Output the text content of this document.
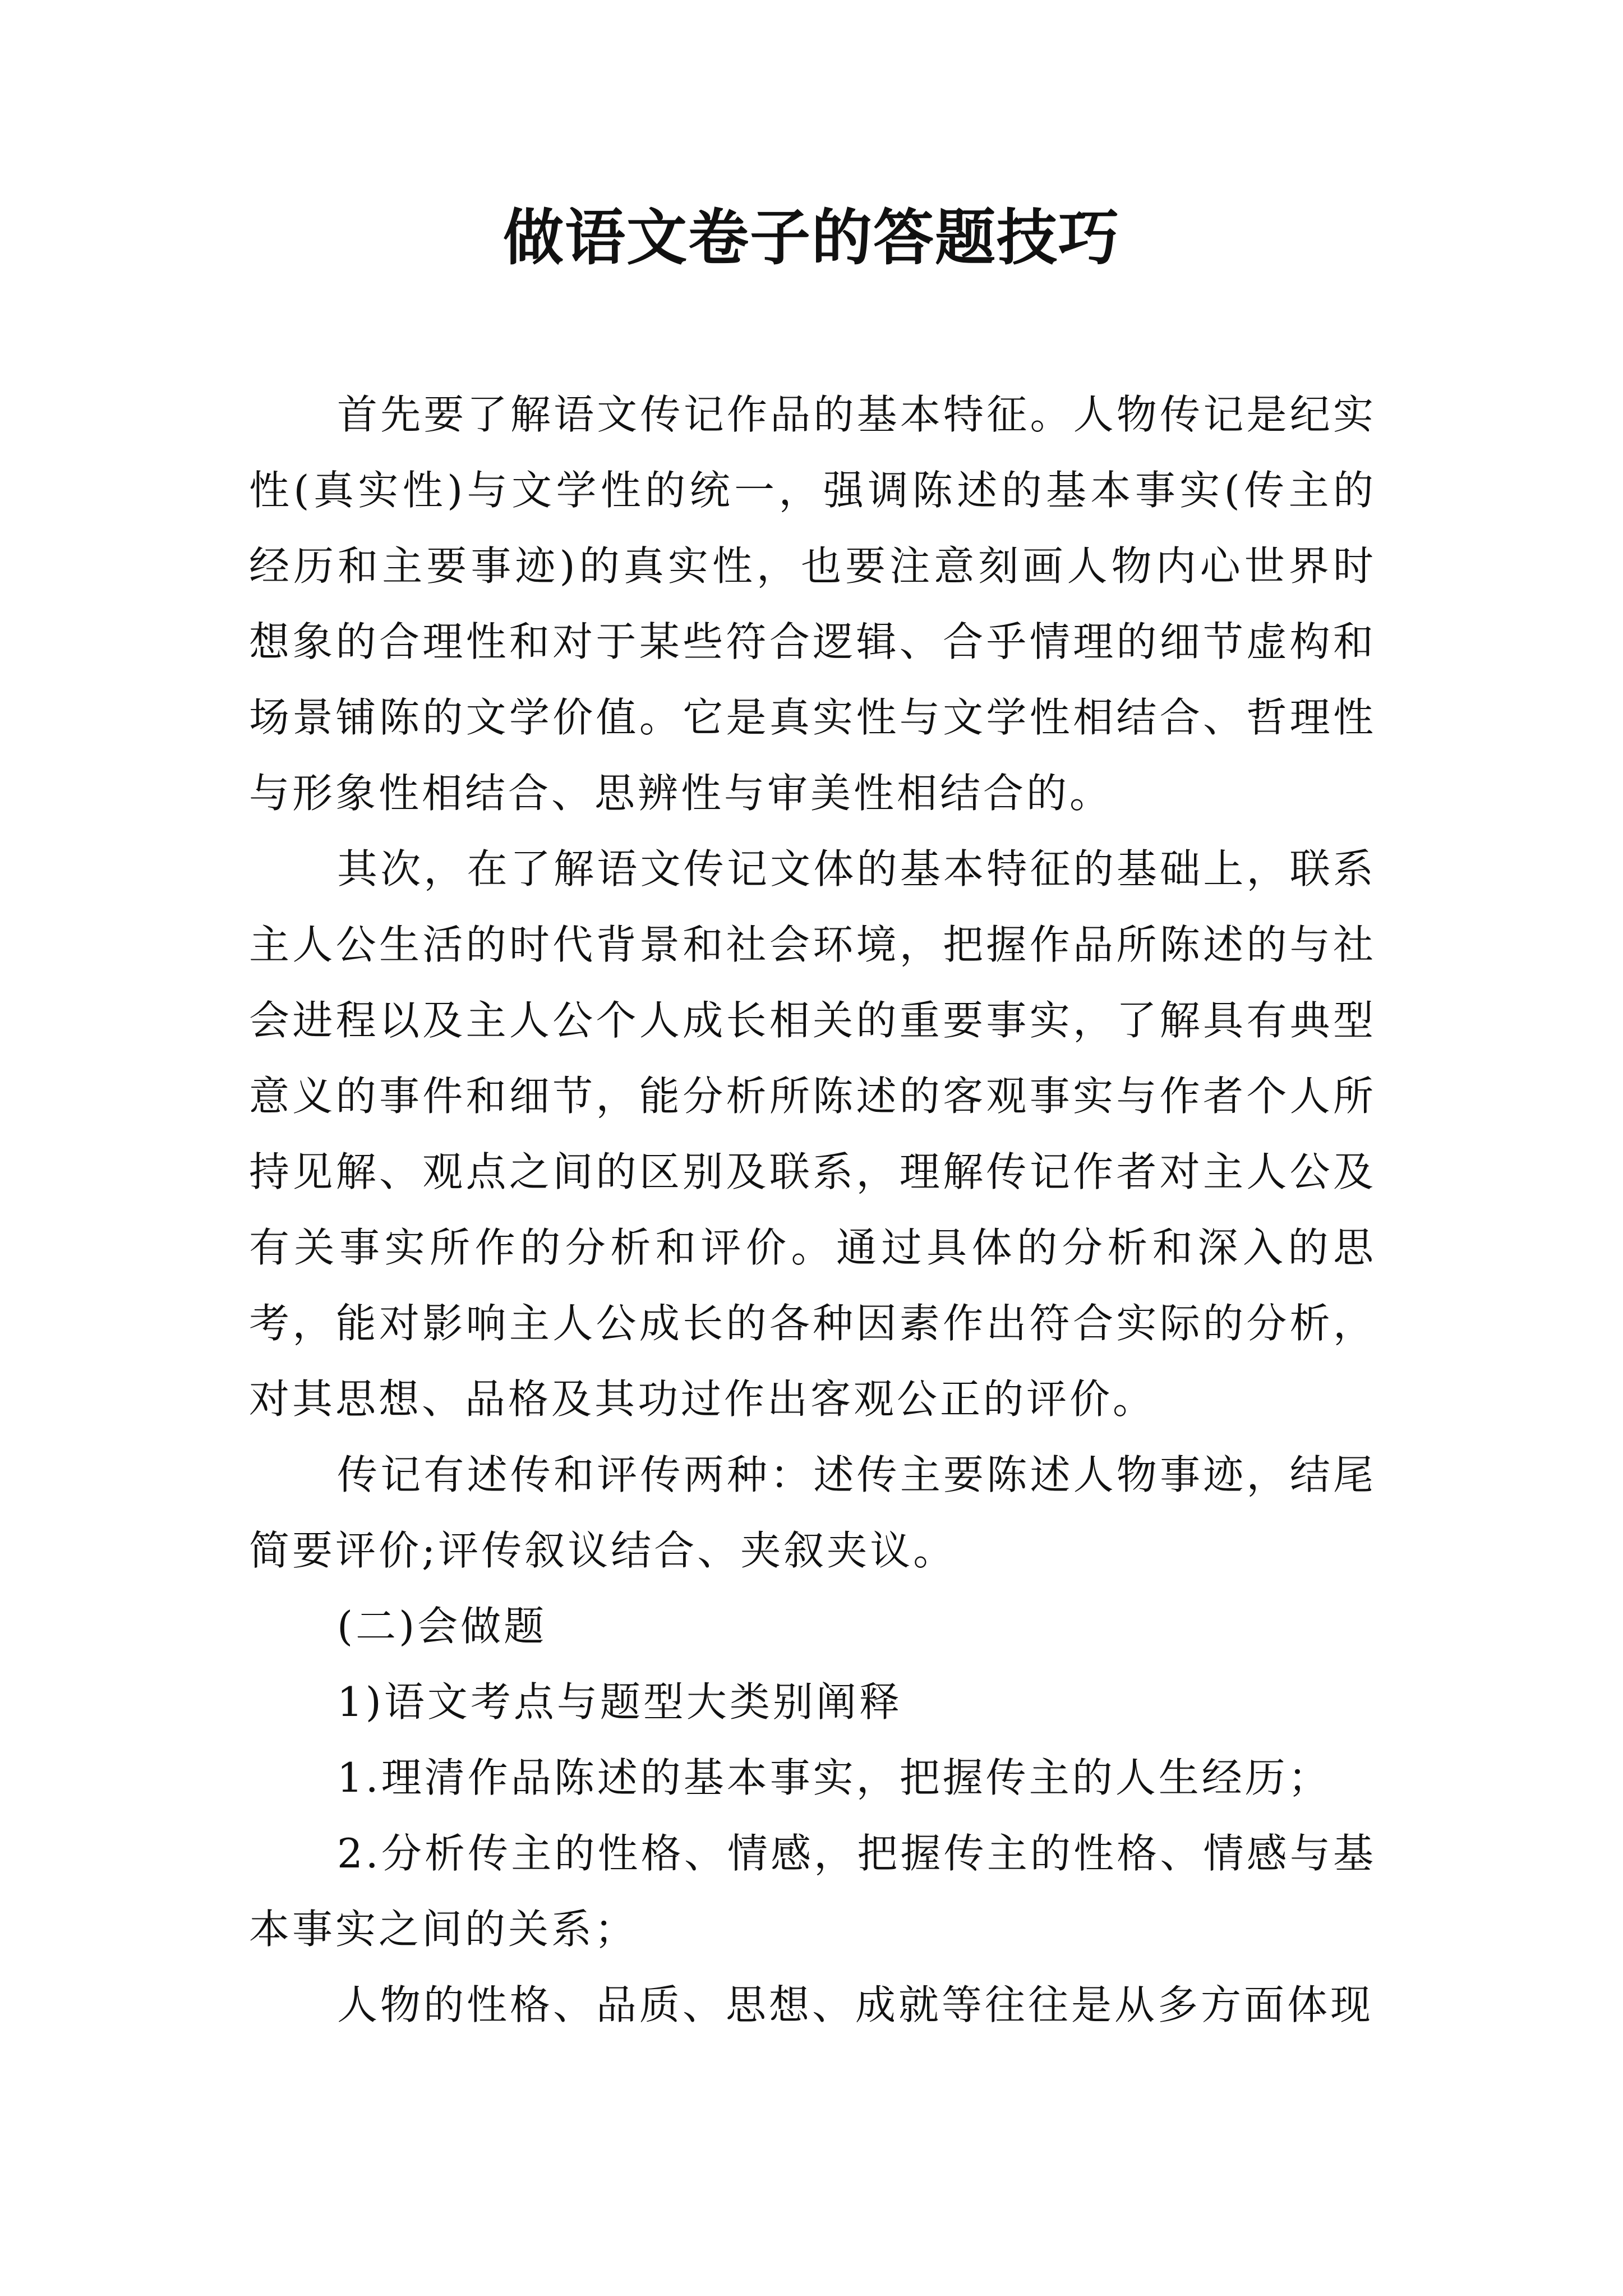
做语文卷子的答题技巧

首先要了解语文传记作品的基本特征。人物传记是纪实性(真实性)与文学性的统一，强调陈述的基本事实(传主的经历和主要事迹)的真实性，也要注意刻画人物内心世界时想象的合理性和对于某些符合逻辑、合乎情理的细节虚构和场景铺陈的文学价值。它是真实性与文学性相结合、哲理性与形象性相结合、思辨性与审美性相结合的。

其次，在了解语文传记文体的基本特征的基础上，联系主人公生活的时代背景和社会环境，把握作品所陈述的与社会进程以及主人公个人成长相关的重要事实，了解具有典型意义的事件和细节，能分析所陈述的客观事实与作者个人所持见解、观点之间的区别及联系，理解传记作者对主人公及有关事实所作的分析和评价。通过具体的分析和深入的思考，能对影响主人公成长的各种因素作出符合实际的分析，对其思想、品格及其功过作出客观公正的评价。

传记有述传和评传两种：述传主要陈述人物事迹，结尾简要评价;评传叙议结合、夹叙夹议。

(二)会做题

1)语文考点与题型大类别阐释

1.理清作品陈述的基本事实，把握传主的人生经历；

2.分析传主的性格、情感，把握传主的性格、情感与基本事实之间的关系；

人物的性格、品质、思想、成就等往往是从多方面体现
